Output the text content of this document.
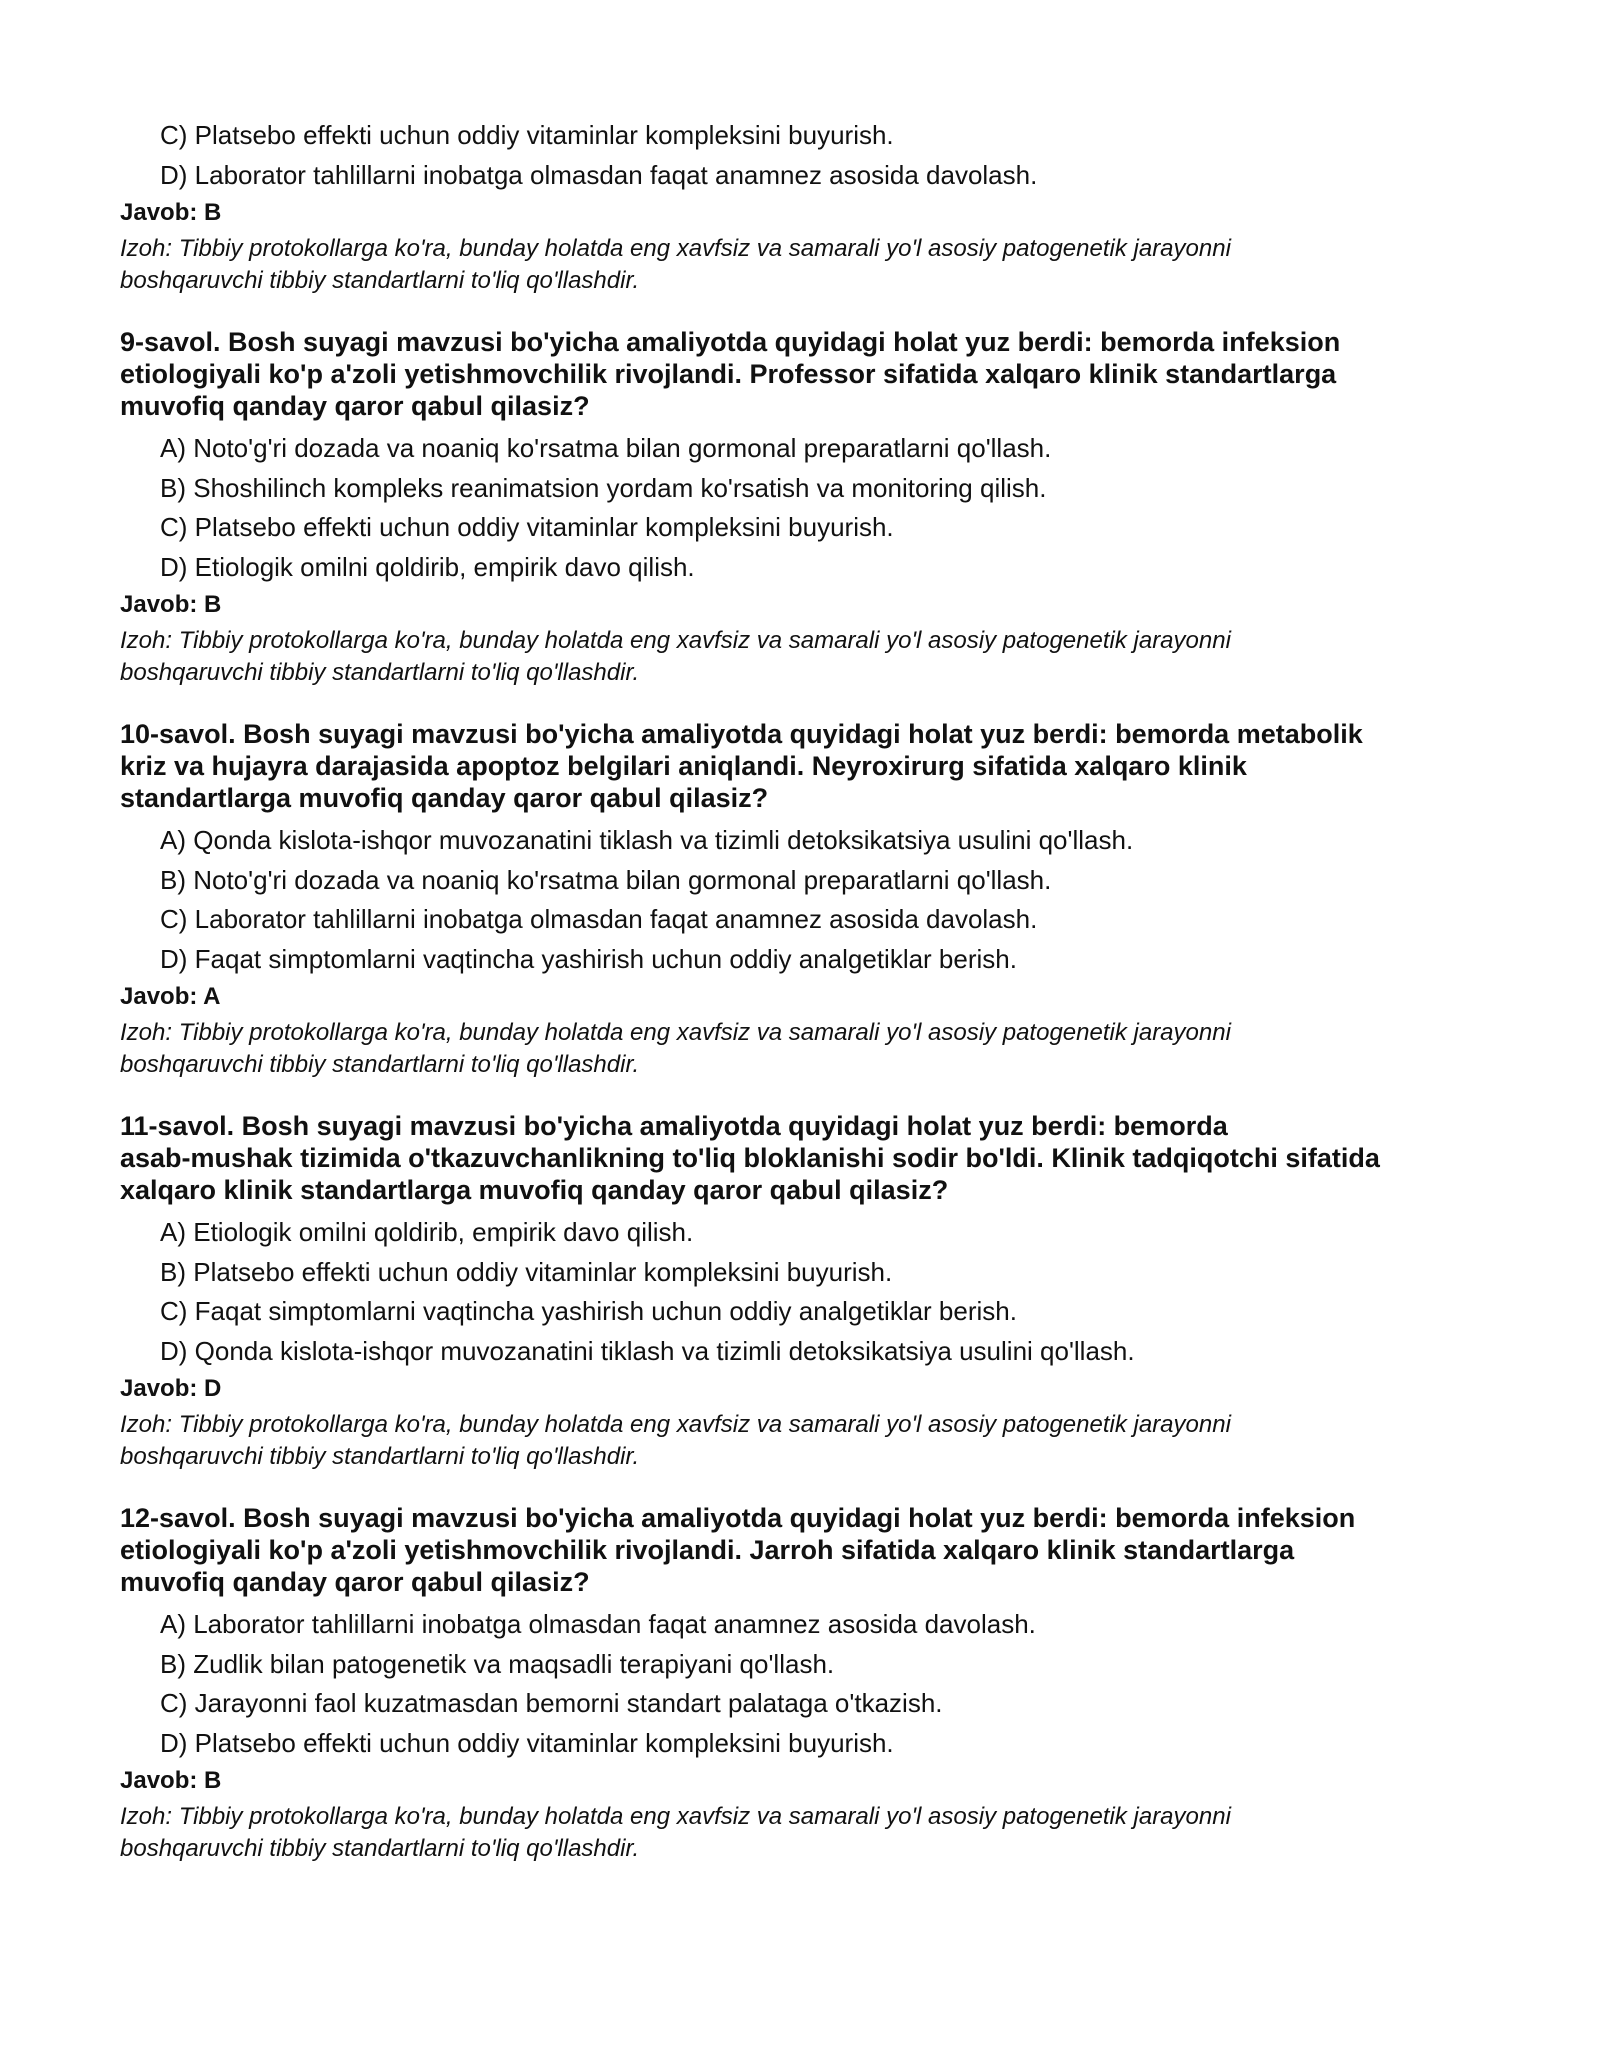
C) Platsebo effekti uchun oddiy vitaminlar kompleksini buyurish.
D) Laborator tahlillarni inobatga olmasdan faqat anamnez asosida davolash.
Javob: B
Izoh: Tibbiy protokollarga ko'ra, bunday holatda eng xavfsiz va samarali yo'l asosiy patogenetik jarayonni
boshqaruvchi tibbiy standartlarni to'liq qo'llashdir.
9-savol. Bosh suyagi mavzusi bo'yicha amaliyotda quyidagi holat yuz berdi: bemorda infeksion
etiologiyali ko'p a'zoli yetishmovchilik rivojlandi. Professor sifatida xalqaro klinik standartlarga
muvofiq qanday qaror qabul qilasiz?
A) Noto'g'ri dozada va noaniq ko'rsatma bilan gormonal preparatlarni qo'llash.
B) Shoshilinch kompleks reanimatsion yordam ko'rsatish va monitoring qilish.
C) Platsebo effekti uchun oddiy vitaminlar kompleksini buyurish.
D) Etiologik omilni qoldirib, empirik davo qilish.
Javob: B
Izoh: Tibbiy protokollarga ko'ra, bunday holatda eng xavfsiz va samarali yo'l asosiy patogenetik jarayonni
boshqaruvchi tibbiy standartlarni to'liq qo'llashdir.
10-savol. Bosh suyagi mavzusi bo'yicha amaliyotda quyidagi holat yuz berdi: bemorda metabolik
kriz va hujayra darajasida apoptoz belgilari aniqlandi. Neyroxirurg sifatida xalqaro klinik
standartlarga muvofiq qanday qaror qabul qilasiz?
A) Qonda kislota-ishqor muvozanatini tiklash va tizimli detoksikatsiya usulini qo'llash.
B) Noto'g'ri dozada va noaniq ko'rsatma bilan gormonal preparatlarni qo'llash.
C) Laborator tahlillarni inobatga olmasdan faqat anamnez asosida davolash.
D) Faqat simptomlarni vaqtincha yashirish uchun oddiy analgetiklar berish.
Javob: A
Izoh: Tibbiy protokollarga ko'ra, bunday holatda eng xavfsiz va samarali yo'l asosiy patogenetik jarayonni
boshqaruvchi tibbiy standartlarni to'liq qo'llashdir.
11-savol. Bosh suyagi mavzusi bo'yicha amaliyotda quyidagi holat yuz berdi: bemorda
asab-mushak tizimida o'tkazuvchanlikning to'liq bloklanishi sodir bo'ldi. Klinik tadqiqotchi sifatida
xalqaro klinik standartlarga muvofiq qanday qaror qabul qilasiz?
A) Etiologik omilni qoldirib, empirik davo qilish.
B) Platsebo effekti uchun oddiy vitaminlar kompleksini buyurish.
C) Faqat simptomlarni vaqtincha yashirish uchun oddiy analgetiklar berish.
D) Qonda kislota-ishqor muvozanatini tiklash va tizimli detoksikatsiya usulini qo'llash.
Javob: D
Izoh: Tibbiy protokollarga ko'ra, bunday holatda eng xavfsiz va samarali yo'l asosiy patogenetik jarayonni
boshqaruvchi tibbiy standartlarni to'liq qo'llashdir.
12-savol. Bosh suyagi mavzusi bo'yicha amaliyotda quyidagi holat yuz berdi: bemorda infeksion
etiologiyali ko'p a'zoli yetishmovchilik rivojlandi. Jarroh sifatida xalqaro klinik standartlarga
muvofiq qanday qaror qabul qilasiz?
A) Laborator tahlillarni inobatga olmasdan faqat anamnez asosida davolash.
B) Zudlik bilan patogenetik va maqsadli terapiyani qo'llash.
C) Jarayonni faol kuzatmasdan bemorni standart palataga o'tkazish.
D) Platsebo effekti uchun oddiy vitaminlar kompleksini buyurish.
Javob: B
Izoh: Tibbiy protokollarga ko'ra, bunday holatda eng xavfsiz va samarali yo'l asosiy patogenetik jarayonni
boshqaruvchi tibbiy standartlarni to'liq qo'llashdir.
